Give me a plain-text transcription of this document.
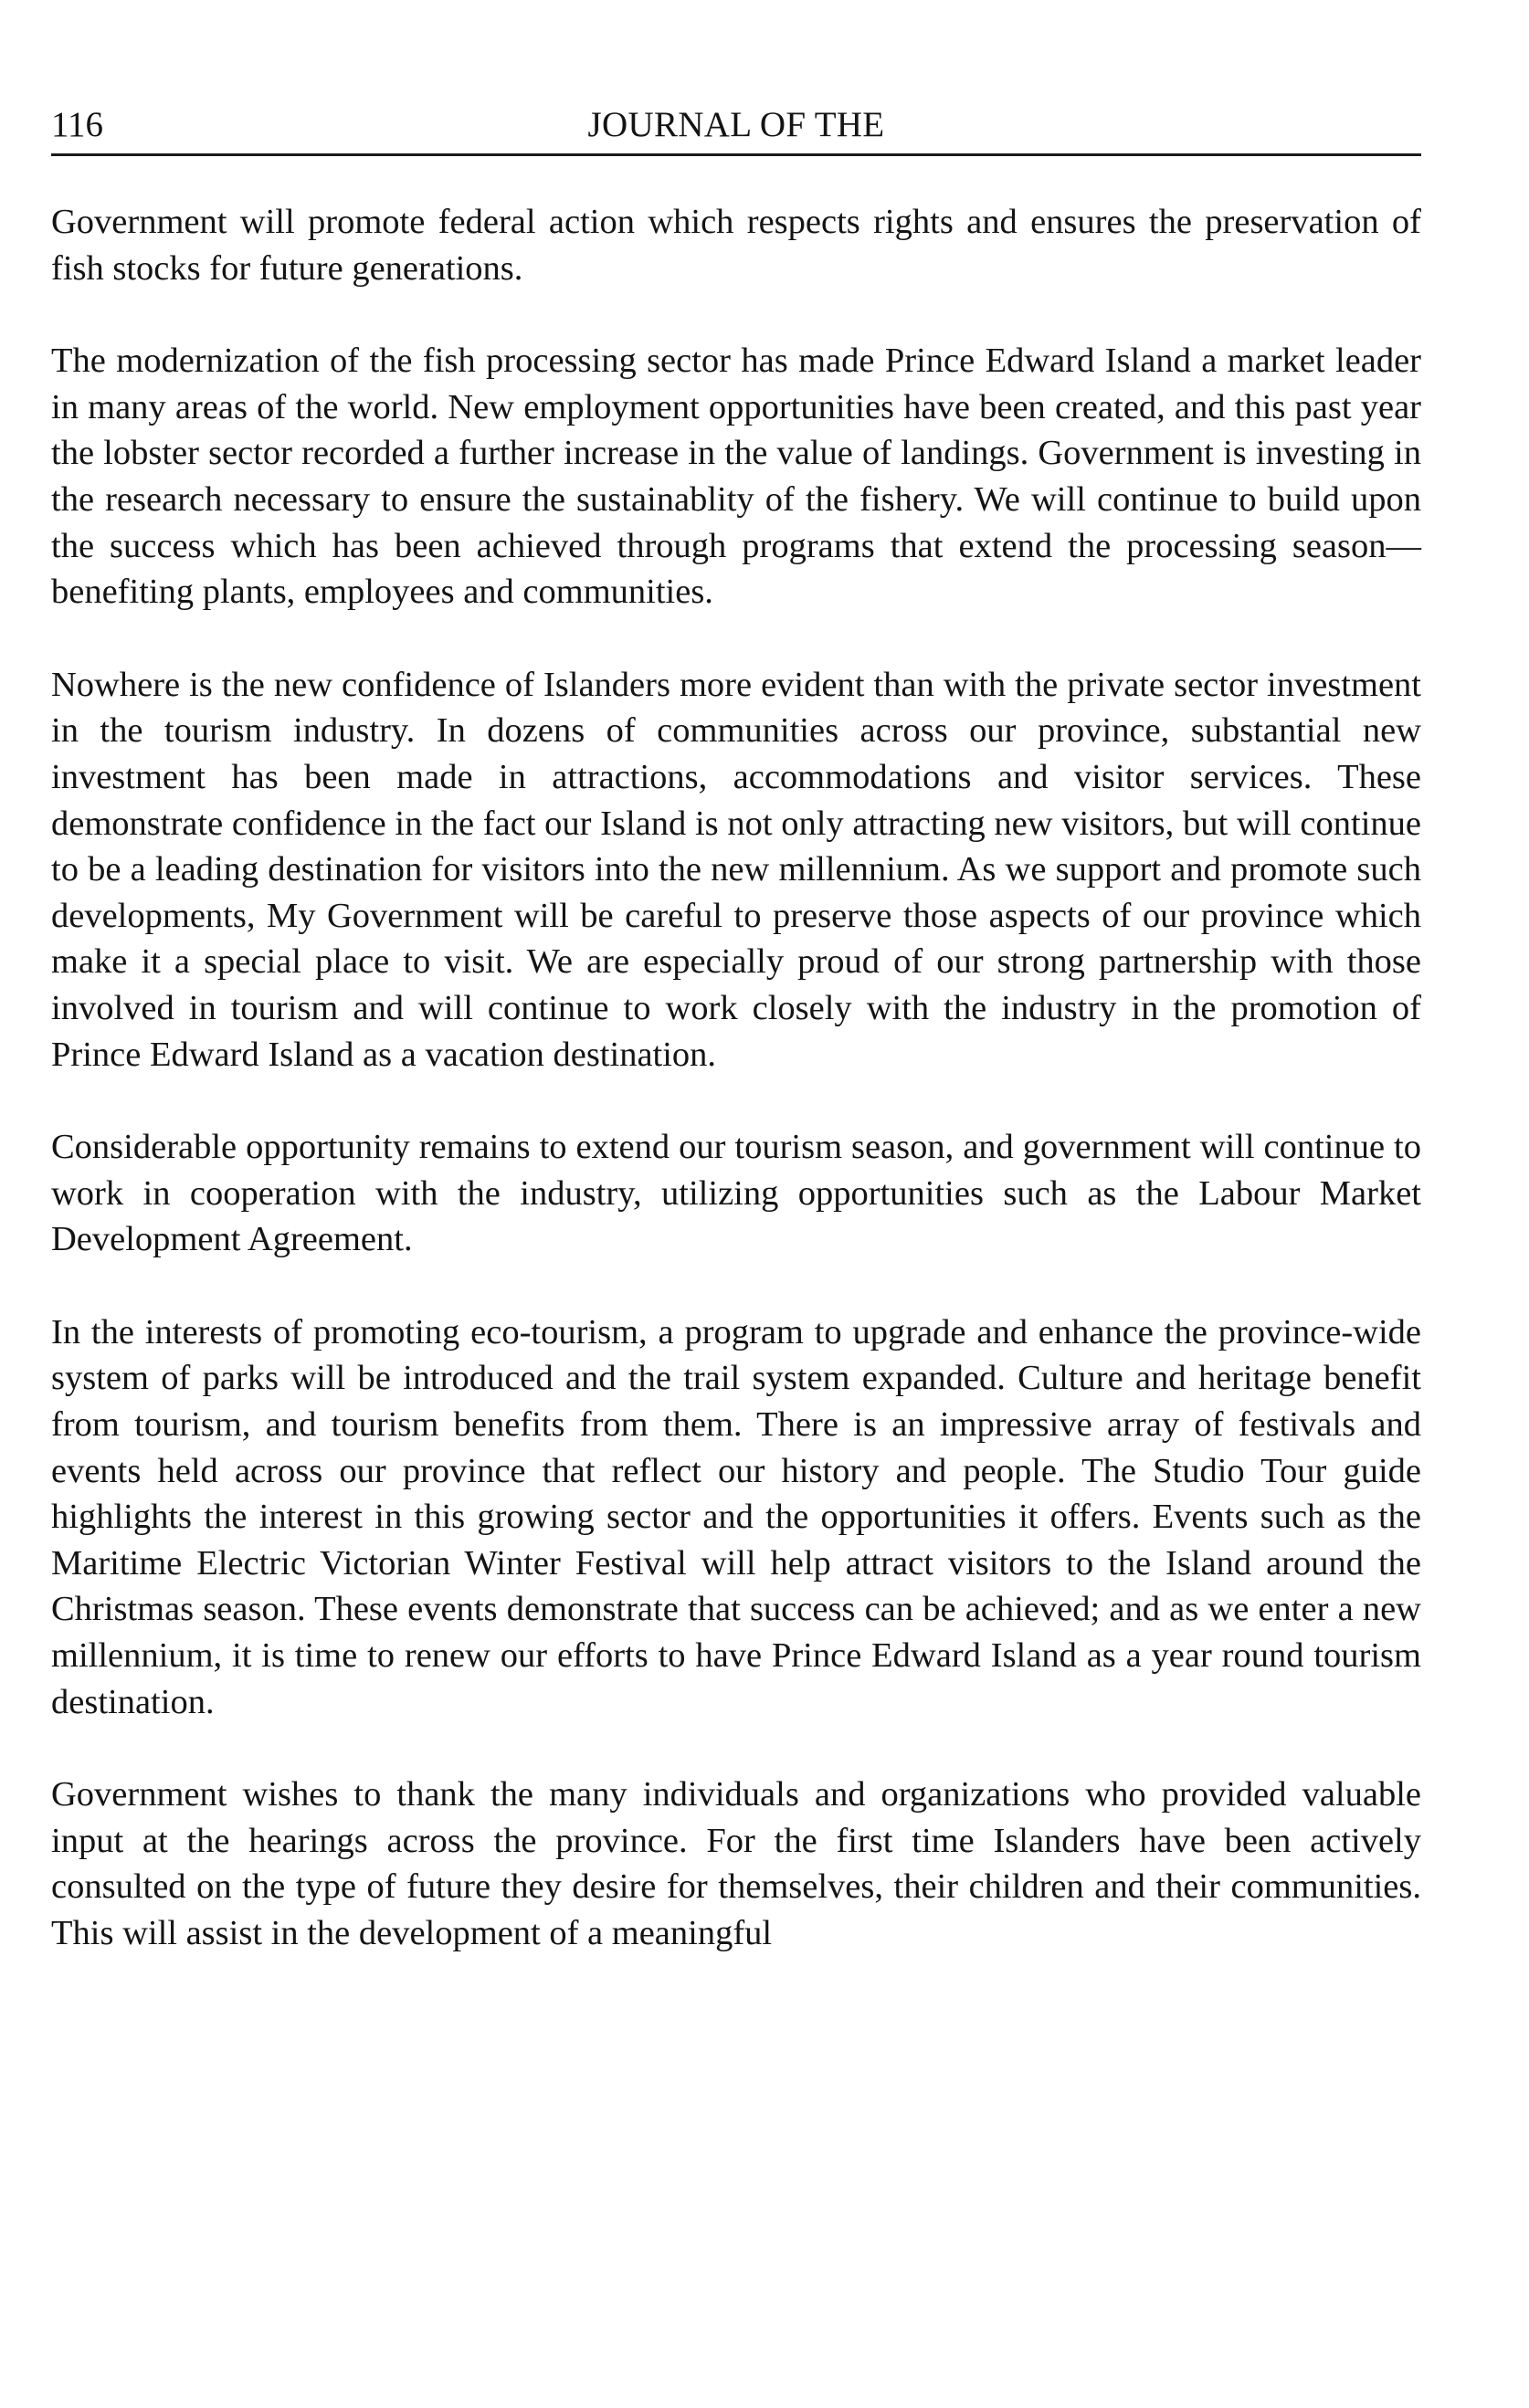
116	JOURNAL OF THE

Government will promote federal action which respects rights and ensures the preservation of fish stocks for future generations.

The modernization of the fish processing sector has made Prince Edward Island a market leader in many areas of the world. New employment opportunities have been created, and this past year the lobster sector recorded a further increase in the value of landings. Government is investing in the research necessary to ensure the sustainablity of the fishery. We will continue to build upon the success which has been achieved through programs that extend the processing season—benefiting plants, employees and communities.

Nowhere is the new confidence of Islanders more evident than with the private sector investment in the tourism industry. In dozens of communities across our province, substantial new investment has been made in attractions, accommodations and visitor services. These demonstrate confidence in the fact our Island is not only attracting new visitors, but will continue to be a leading destination for visitors into the new millennium. As we support and promote such developments, My Government will be careful to preserve those aspects of our province which make it a special place to visit. We are especially proud of our strong partnership with those involved in tourism and will continue to work closely with the industry in the promotion of Prince Edward Island as a vacation destination.

Considerable opportunity remains to extend our tourism season, and government will continue to work in cooperation with the industry, utilizing opportunities such as the Labour Market Development Agreement.

In the interests of promoting eco-tourism, a program to upgrade and enhance the province-wide system of parks will be introduced and the trail system expanded. Culture and heritage benefit from tourism, and tourism benefits from them. There is an impressive array of festivals and events held across our province that reflect our history and people. The Studio Tour guide highlights the interest in this growing sector and the opportunities it offers. Events such as the Maritime Electric Victorian Winter Festival will help attract visitors to the Island around the Christmas season. These events demonstrate that success can be achieved; and as we enter a new millennium, it is time to renew our efforts to have Prince Edward Island as a year round tourism destination.

Government wishes to thank the many individuals and organizations who provided valuable input at the hearings across the province. For the first time Islanders have been actively consulted on the type of future they desire for themselves, their children and their communities. This will assist in the development of a meaningful
